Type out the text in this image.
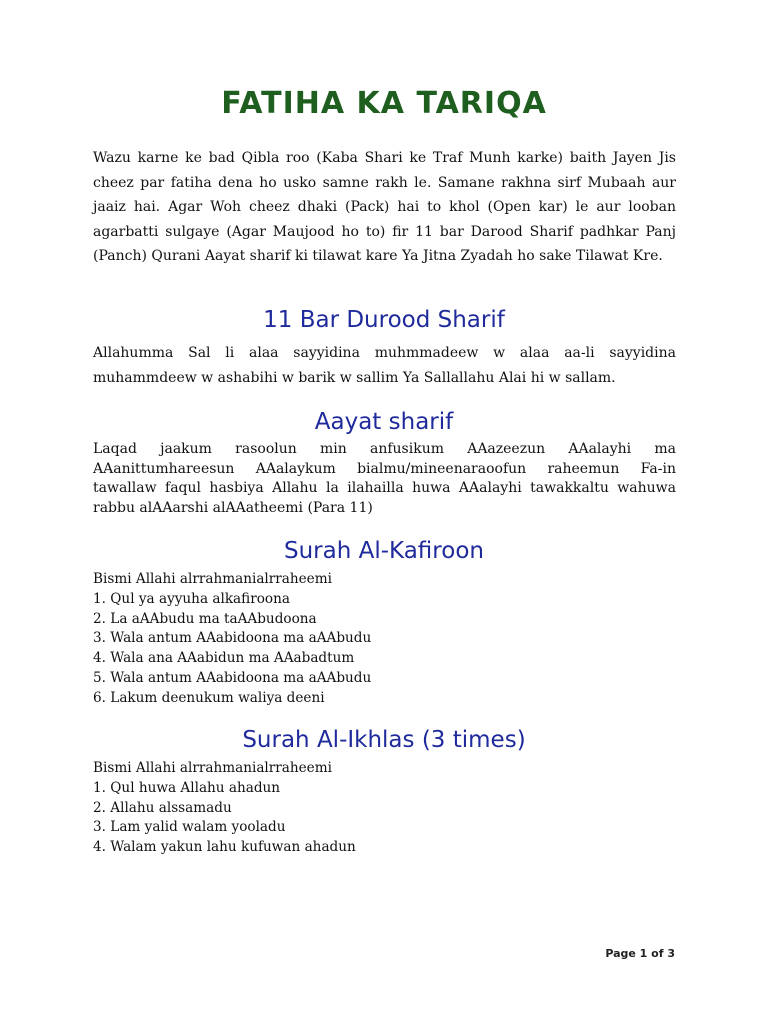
FATIHA KA TARIQA

Wazu karne ke bad Qibla roo (Kaba Shari ke Traf Munh karke) baith Jayen Jis cheez par fatiha dena ho usko samne rakh le. Samane rakhna sirf Mubaah aur jaaiz hai. Agar Woh cheez dhaki (Pack) hai to khol (Open kar) le aur looban agarbatti sulgaye (Agar Maujood ho to) fir 11 bar Darood Sharif padhkar Panj (Panch) Qurani Aayat sharif ki tilawat kare Ya Jitna Zyadah ho sake Tilawat Kre.

11 Bar Durood Sharif

Allahumma Sal li alaa sayyidina muhmmadeew w alaa aa-li sayyidina muhammdeew w ashabihi w barik w sallim Ya Sallallahu Alai hi w sallam.

Aayat sharif

Laqad jaakum rasoolun min anfusikum AAazeezun AAalayhi ma AAanittumhareesun AAalaykum bialmu/mineenaraoofun raheemun Fa-in tawallaw faqul hasbiya Allahu la ilahailla huwa AAalayhi tawakkaltu wahuwa rabbu alAAarshi alAAatheemi (Para 11)

Surah Al-Kafiroon
Bismi Allahi alrrahmanialrraheemi
1. Qul ya ayyuha alkafiroona
2. La aAAbudu ma taAAbudoona
3. Wala antum AAabidoona ma aAAbudu
4. Wala ana AAabidun ma AAabadtum
5. Wala antum AAabidoona ma aAAbudu
6. Lakum deenukum waliya deeni
Surah Al-Ikhlas (3 times)
Bismi Allahi alrrahmanialrraheemi
1. Qul huwa Allahu ahadun
2. Allahu alssamadu
3. Lam yalid walam yooladu
4. Walam yakun lahu kufuwan ahadun
Page 1 of 3
